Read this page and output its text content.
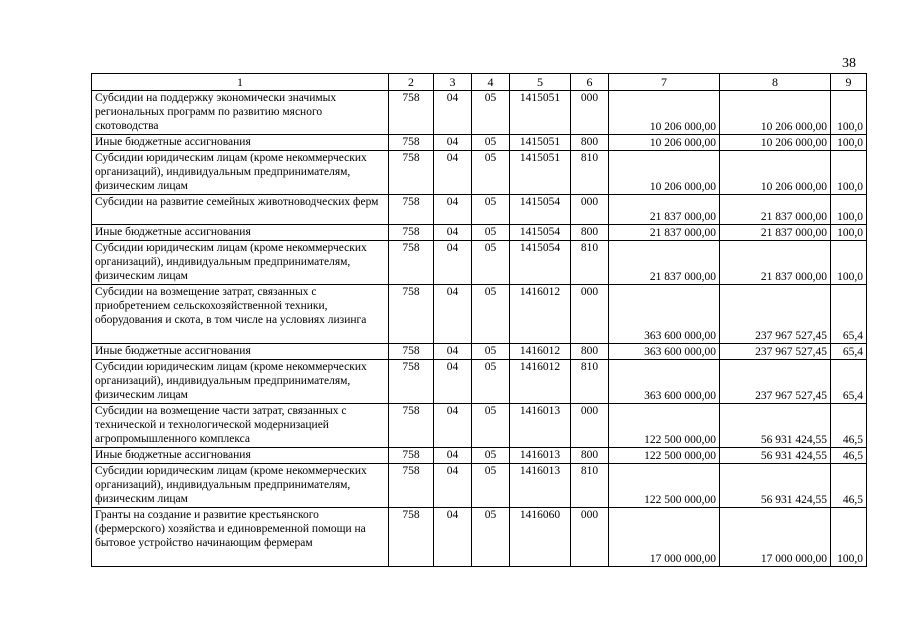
38
1	2	3	4	5	6	7	8	9
Субсидии на поддержку экономически значимых региональных программ по развитию мясного скотоводства	758	04	05	1415051	000	10 206 000,00	10 206 000,00	100,0
Иные бюджетные ассигнования	758	04	05	1415051	800	10 206 000,00	10 206 000,00	100,0
Субсидии юридическим лицам (кроме некоммерческих организаций), индивидуальным предпринимателям, физическим лицам	758	04	05	1415051	810	10 206 000,00	10 206 000,00	100,0
Субсидии на развитие семейных животноводческих ферм	758	04	05	1415054	000	21 837 000,00	21 837 000,00	100,0
Иные бюджетные ассигнования	758	04	05	1415054	800	21 837 000,00	21 837 000,00	100,0
Субсидии юридическим лицам (кроме некоммерческих организаций), индивидуальным предпринимателям, физическим лицам	758	04	05	1415054	810	21 837 000,00	21 837 000,00	100,0
Субсидии на возмещение затрат, связанных с приобретением сельскохозяйственной техники, оборудования и скота, в том числе на условиях лизинга	758	04	05	1416012	000	363 600 000,00	237 967 527,45	65,4
Иные бюджетные ассигнования	758	04	05	1416012	800	363 600 000,00	237 967 527,45	65,4
Субсидии юридическим лицам (кроме некоммерческих организаций), индивидуальным предпринимателям, физическим лицам	758	04	05	1416012	810	363 600 000,00	237 967 527,45	65,4
Субсидии на возмещение части затрат, связанных с технической и технологической модернизацией агропромышленного комплекса	758	04	05	1416013	000	122 500 000,00	56 931 424,55	46,5
Иные бюджетные ассигнования	758	04	05	1416013	800	122 500 000,00	56 931 424,55	46,5
Субсидии юридическим лицам (кроме некоммерческих организаций), индивидуальным предпринимателям, физическим лицам	758	04	05	1416013	810	122 500 000,00	56 931 424,55	46,5
Гранты на создание и развитие крестьянского (фермерского) хозяйства и единовременной помощи на бытовое устройство начинающим фермерам	758	04	05	1416060	000	17 000 000,00	17 000 000,00	100,0
